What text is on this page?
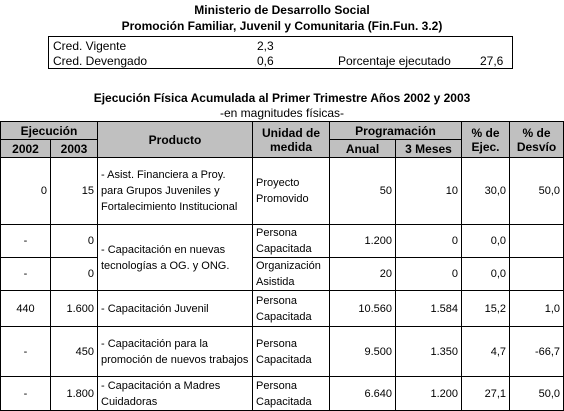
Ministerio de Desarrollo Social
Promoción Familiar, Juvenil y Comunitaria (Fin.Fun. 3.2)
Cred. Vigente	2,3
Cred. Devengado	0,6	Porcentaje ejecutado 27,6
Ejecución Física Acumulada al Primer Trimestre Años 2002 y 2003
-en magnitudes físicas-
Ejecución		Producto	Unidad de medida	Programación		% de Ejec.	% de Desvío
2002	2003			Anual	3 Meses		
0	15	- Asist. Financiera a Proy. para Grupos Juveniles y Fortalecimiento Institucional	Proyecto Promovido	50	10	30,0	50,0
-	0	- Capacitación en nuevas tecnologías a OG. y ONG.	Persona Capacitada	1.200	0	0,0	
-	0		Organización Asistida	20	0	0,0	
440	1.600	- Capacitación Juvenil	Persona Capacitada	10.560	1.584	15,2	1,0
-	450	- Capacitación para la promoción de nuevos trabajos	Persona Capacitada	9.500	1.350	4,7	-66,7
-	1.800	- Capacitación a Madres Cuidadoras	Persona Capacitada	6.640	1.200	27,1	50,0
